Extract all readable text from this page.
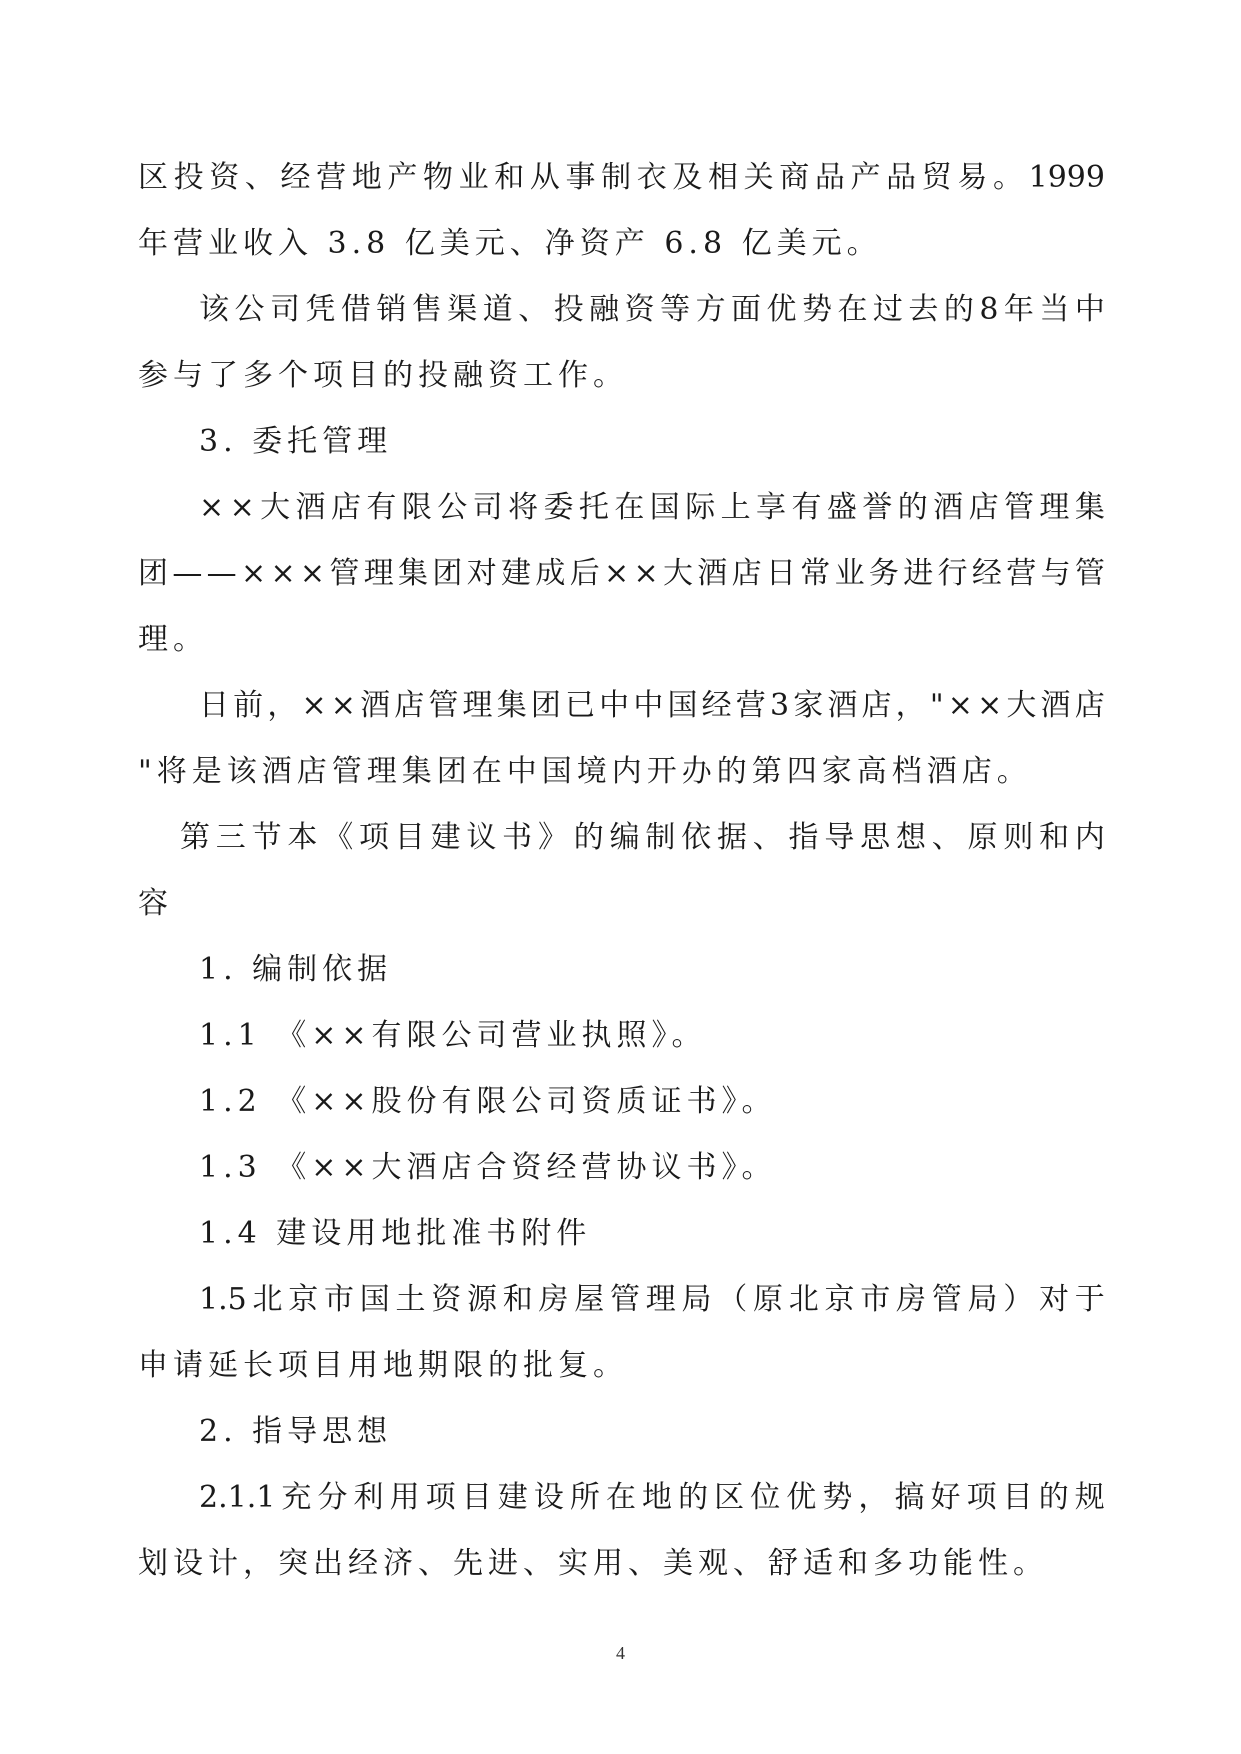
区 投 资 、 经 营 地 产 物 业 和 从 事 制 衣 及 相 关 商 品 产 品 贸 易 。 1999
年营业收入 3.8 亿美元、净资产 6.8 亿美元。
该 公 司 凭 借 销 售 渠 道 、 投 融 资 等 方 面 优 势 在 过 去 的 8 年 当 中
参与了多个项目的投融资工作。
3. 委托管理
× × 大 酒 店 有 限 公 司 将 委 托 在 国 际 上 享 有 盛 誉 的 酒 店 管 理 集
团 — — × × × 管 理 集 团 对 建 成 后 × × 大 酒 店 日 常 业 务 进 行 经 营 与 管
理。
日 前 ， × × 酒 店 管 理 集 团 已 中 中 国 经 营 3 家 酒 店 ， " × × 大 酒 店
"将是该酒店管理集团在中国境内开办的第四家高档酒店。
第 三 节 本 《 项 目 建 议 书 》 的 编 制 依 据 、 指 导 思 想 、 原 则 和 内
容
1. 编制依据
1.1 《××有限公司营业执照》。
1.2 《××股份有限公司资质证书》。
1.3 《××大酒店合资经营协议书》。
1.4 建设用地批准书附件
1.5 北 京 市 国 土 资 源 和 房 屋 管 理 局 （ 原 北 京 市 房 管 局 ） 对 于
申请延长项目用地期限的批复。
2. 指导思想
2.1.1 充 分 利 用 项 目 建 设 所 在 地 的 区 位 优 势 ， 搞 好 项 目 的 规
划设计，突出经济、先进、实用、美观、舒适和多功能性。
4
